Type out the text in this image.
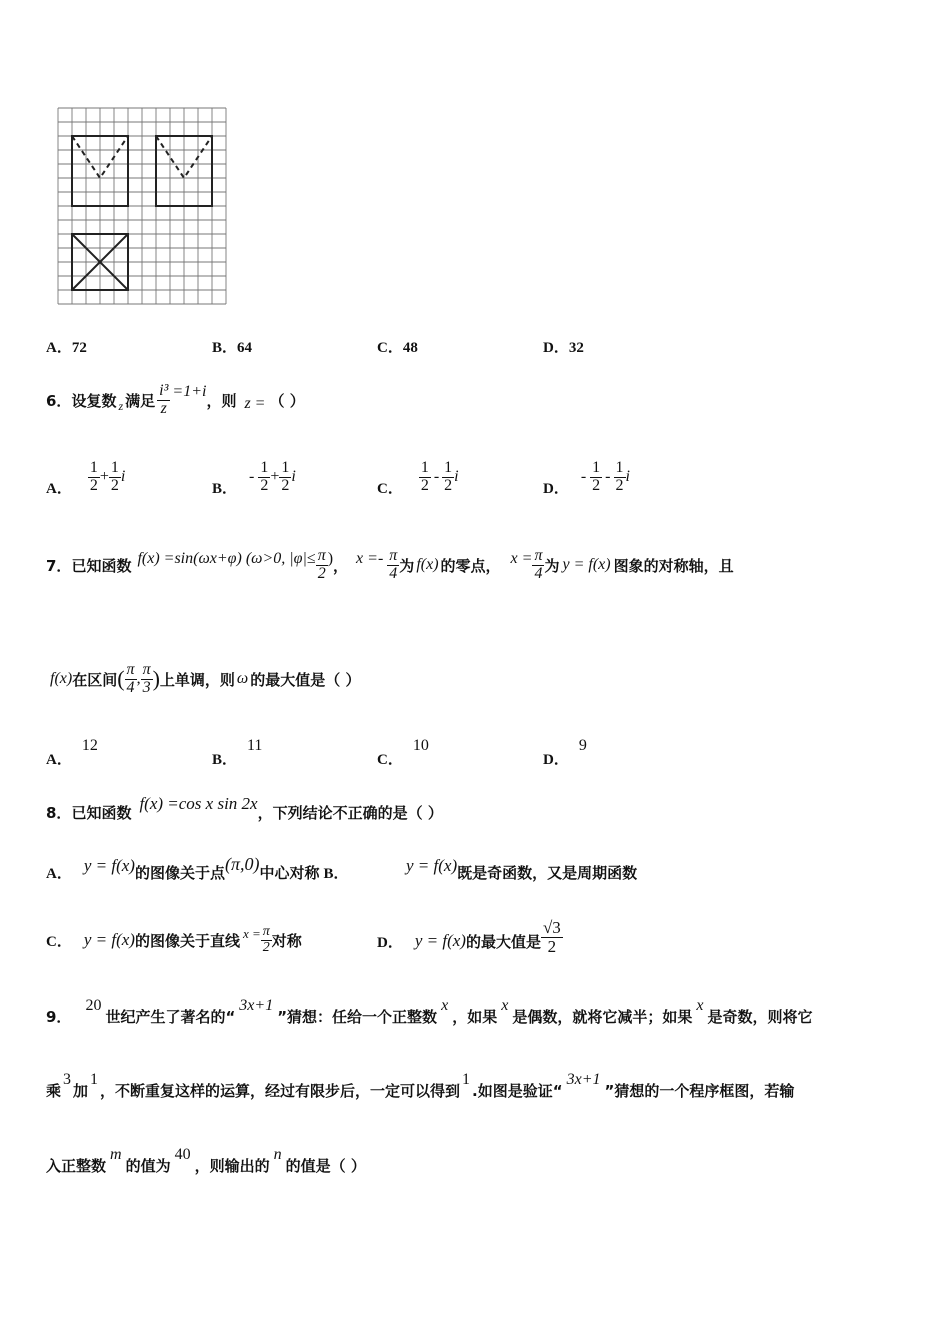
A．72	B．64	C．48	D．32
6． 设复数 z 满足 $\frac{\text{i³}}{z} =1+i$ ，则 z = （ ）
A． $\frac{1}{2} + \frac{1}{2}$ i
B．
- $\frac{1}{2} + \frac{1}{2}$ i
C． $\frac{1}{2} - \frac{1}{2}$ i
D．
- $\frac{1}{2} - \frac{1}{2}$ i
7． 已知函数 f(x) =sin(ωx+φ) (ω>0, $|\varphi|\le \frac{\pi}{2}$ ) ， $x =- \frac{\pi}{4}$ 为 f(x) 的零点， $x = \frac{\pi}{4}$ 为 y = f(x) 图象的对称轴，且
f(x) 在区间 ( $\frac{\pi}{4}$ , $\frac{\pi}{3}$ ) 上单调，则 ω 的最大值是（ ）
A．12
B．11
C．10
D．9
8． 已知函数 f(x) =cos x sin 2x ，下列结论不正确的是（ ）
A． y = f(x) 的图像关于点 (π,0) 中心对称 B．	y = f(x) 既是奇函数，又是周期函数
C． y = f(x) 的图像关于直线 $x = \frac{\pi}{2}$ 对称	D． y = f(x) 的最大值是 $\frac{√3}{2}$
9．
20
世纪产生了著名的“
3x+1
”猜想：任给一个正整数
x
，如果
x
是偶数，就将它减半；如果
x
是奇数，则将它
乘
3
加
1
，不断重复这样的运算，经过有限步后，一定可以得到
1
.如图是验证“
3x+1
”猜想的一个程序框图，若输
入正整数
m
的值为
40
，则输出的
n
的值是（ ）
